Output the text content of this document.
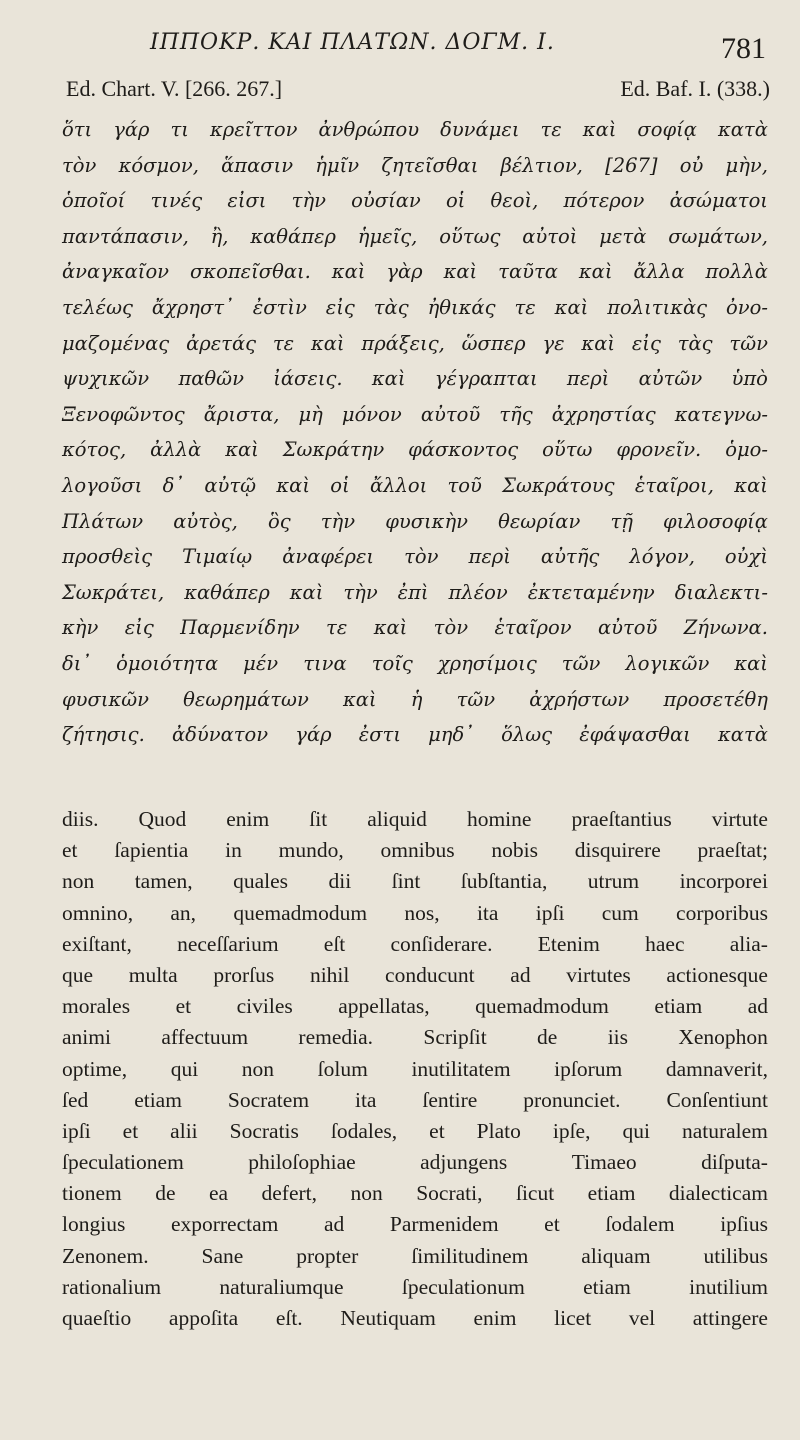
ΙΠΠΟΚΡ. ΚΑΙ ΠΛΑΤΩΝ. ΔΟΓΜ. Ι.	781
Ed. Chart. V. [266. 267.]	Ed. Baf. I. (338.)
ὅτι γάρ τι κρεῖττον ἀνθρώπου δυνάμει τε καὶ σοφίᾳ κατὰ
τὸν κόσμον, ἅπασιν ἡμῖν ζητεῖσθαι βέλτιον, [267] οὐ μὴν,
ὁποῖοί τινές εἰσι τὴν οὐσίαν οἱ θεοὶ, πότερον ἀσώματοι
παντάπασιν, ἢ, καθάπερ ἡμεῖς, οὕτως αὐτοὶ μετὰ σωμάτων,
ἀναγκαῖον σκοπεῖσθαι. καὶ γὰρ καὶ ταῦτα καὶ ἄλλα πολλὰ
τελέως ἄχρηστ᾽ ἐστὶν εἰς τὰς ἠθικάς τε καὶ πολιτικὰς ὀνο-
μαζομένας ἀρετάς τε καὶ πράξεις, ὥσπερ γε καὶ εἰς τὰς τῶν
ψυχικῶν παθῶν ἰάσεις. καὶ γέγραπται περὶ αὐτῶν ὑπὸ
Ξενοφῶντος ἄριστα, μὴ μόνον αὐτοῦ τῆς ἀχρηστίας κατεγνω-
κότος, ἀλλὰ καὶ Σωκράτην φάσκοντος οὕτω φρονεῖν. ὁμο-
λογοῦσι δ᾽ αὐτῷ καὶ οἱ ἄλλοι τοῦ Σωκράτους ἑταῖροι, καὶ
Πλάτων αὐτὸς, ὃς τὴν φυσικὴν θεωρίαν τῇ φιλοσοφίᾳ
προσθεὶς Τιμαίῳ ἀναφέρει τὸν περὶ αὐτῆς λόγον, οὐχὶ
Σωκράτει, καθάπερ καὶ τὴν ἐπὶ πλέον ἐκτεταμένην διαλεκτι-
κὴν εἰς Παρμενίδην τε καὶ τὸν ἑταῖρον αὐτοῦ Ζήνωνα.
δι᾽ ὁμοιότητα μέν τινα τοῖς χρησίμοις τῶν λογικῶν καὶ
φυσικῶν θεωρημάτων καὶ ἡ τῶν ἀχρήστων προσετέθη
ζήτησις. ἀδύνατον γάρ ἐστι μηδ᾽ ὅλως ἐφάψασθαι κατὰ
diis. Quod enim ſit aliquid homine praeſtantius virtute
et ſapientia in mundo, omnibus nobis disquirere praeſtat;
non tamen, quales dii ſint ſubſtantia, utrum incorporei
omnino, an, quemadmodum nos, ita ipſi cum corporibus
exiſtant, neceſſarium eſt conſiderare. Etenim haec alia-
que multa prorſus nihil conducunt ad virtutes actionesque
morales et civiles appellatas, quemadmodum etiam ad
animi affectuum remedia. Scripſit de iis Xenophon
optime, qui non ſolum inutilitatem ipſorum damnaverit,
ſed etiam Socratem ita ſentire pronunciet. Conſentiunt
ipſi et alii Socratis ſodales, et Plato ipſe, qui naturalem
ſpeculationem	philoſophiae	adjungens	Timaeo	diſputa-
tionem de ea defert, non Socrati, ſicut etiam dialecticam
longius exporrectam ad Parmenidem et ſodalem ipſius
Zenonem. Sane propter ſimilitudinem aliquam utilibus
rationalium	naturaliumque	ſpeculationum	etiam	inutilium
quaeſtio appoſita eſt. Neutiquam enim licet vel attingere
